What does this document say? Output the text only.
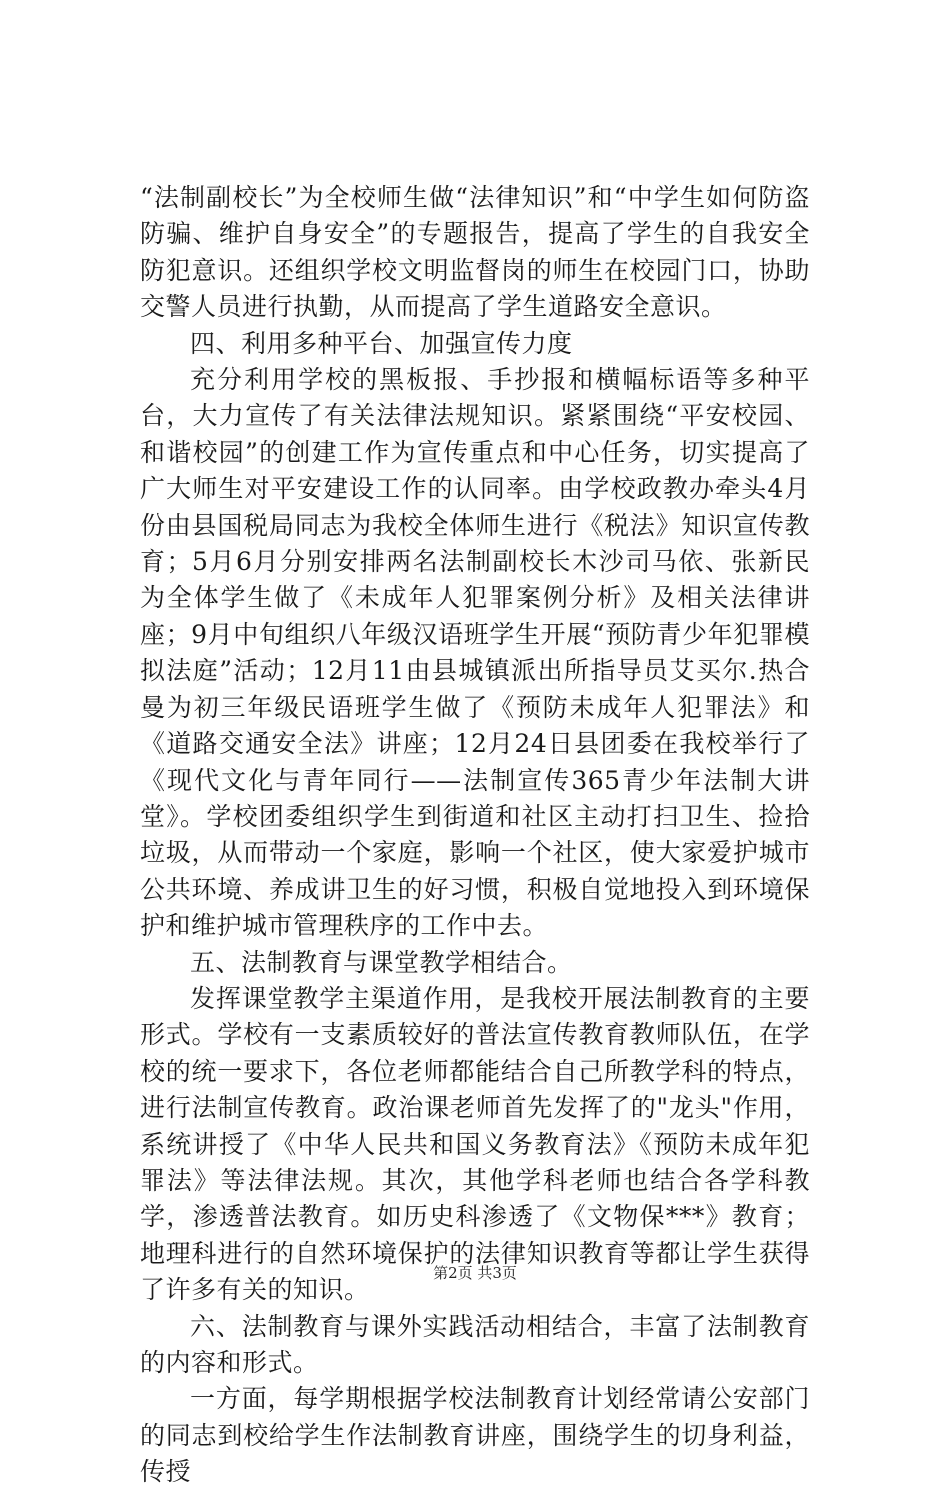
“法制副校长”为全校师生做“法律知识”和“中学生如何防盗防骗、维护自身安全”的专题报告，提高了学生的自我安全防犯意识。还组织学校文明监督岗的师生在校园门口，协助交警人员进行执勤，从而提高了学生道路安全意识。

四、利用多种平台、加强宣传力度

充分利用学校的黑板报、手抄报和横幅标语等多种平台，大力宣传了有关法律法规知识。紧紧围绕“平安校园、和谐校园”的创建工作为宣传重点和中心任务，切实提高了广大师生对平安建设工作的认同率。由学校政教办牵头4月份由县国税局同志为我校全体师生进行《税法》知识宣传教育；5月6月分别安排两名法制副校长木沙司马依、张新民为全体学生做了《未成年人犯罪案例分析》及相关法律讲座；9月中旬组织八年级汉语班学生开展“预防青少年犯罪模拟法庭”活动；12月11由县城镇派出所指导员艾买尔.热合曼为初三年级民语班学生做了《预防未成年人犯罪法》和《道路交通安全法》讲座；12月24日县团委在我校举行了《现代文化与青年同行——法制宣传365青少年法制大讲堂》。学校团委组织学生到街道和社区主动打扫卫生、捡拾垃圾，从而带动一个家庭，影响一个社区，使大家爱护城市公共环境、养成讲卫生的好习惯，积极自觉地投入到环境保护和维护城市管理秩序的工作中去。

五、法制教育与课堂教学相结合。

发挥课堂教学主渠道作用，是我校开展法制教育的主要形式。学校有一支素质较好的普法宣传教育教师队伍，在学校的统一要求下，各位老师都能结合自己所教学科的特点，进行法制宣传教育。政治课老师首先发挥了的"龙头"作用，系统讲授了《中华人民共和国义务教育法》《预防未成年犯罪法》等法律法规。其次，其他学科老师也结合各学科教学，渗透普法教育。如历史科渗透了《文物保***》教育；地理科进行的自然环境保护的法律知识教育等都让学生获得了许多有关的知识。

六、法制教育与课外实践活动相结合，丰富了法制教育的内容和形式。

一方面，每学期根据学校法制教育计划经常请公安部门的同志到校给学生作法制教育讲座，围绕学生的切身利益，传授

第2页 共3页
